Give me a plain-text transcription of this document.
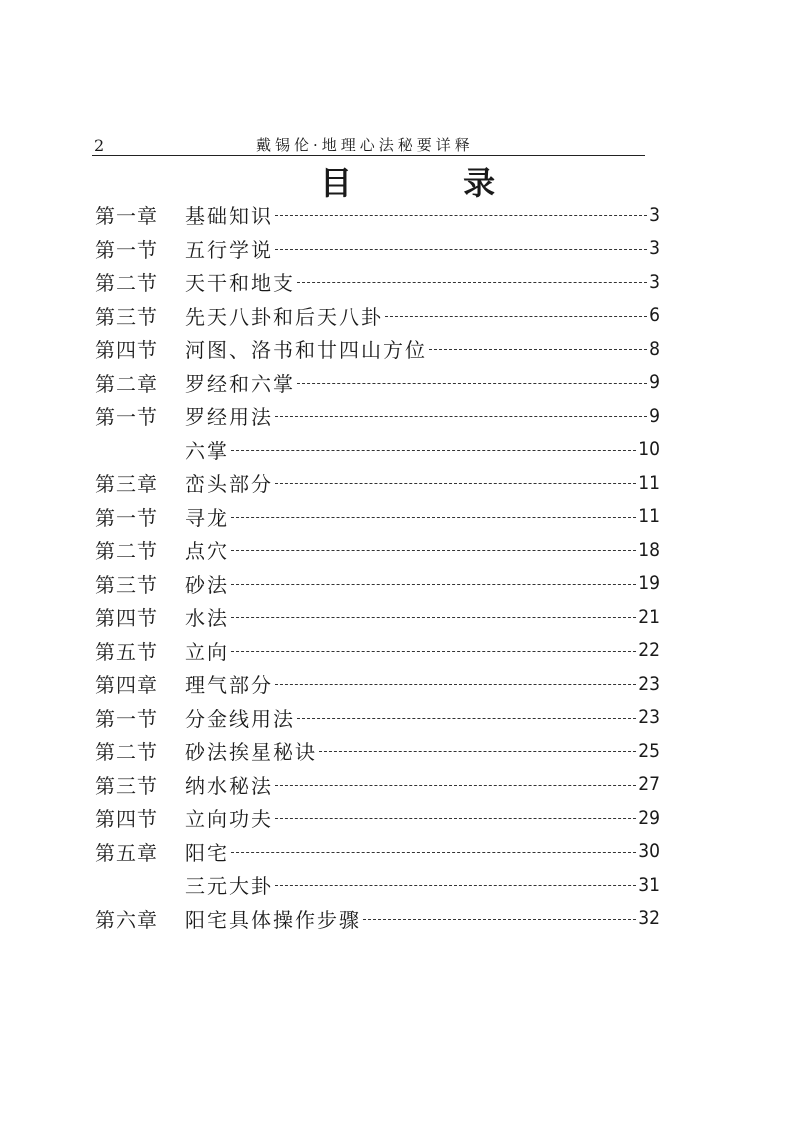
2	戴锡伦·地理心法秘要详释
目 录
第一章	基础知识	3
第一节	五行学说	3
第二节	天干和地支	3
第三节	先天八卦和后天八卦	6
第四节	河图、洛书和廿四山方位	8
第二章	罗经和六掌	9
第一节	罗经用法	9
六掌	10
第三章	峦头部分	11
第一节	寻龙	11
第二节	点穴	18
第三节	砂法	19
第四节	水法	21
第五节	立向	22
第四章	理气部分	23
第一节	分金线用法	23
第二节	砂法挨星秘诀	25
第三节	纳水秘法	27
第四节	立向功夫	29
第五章	阳宅	30
三元大卦	31
第六章	阳宅具体操作步骤	32
